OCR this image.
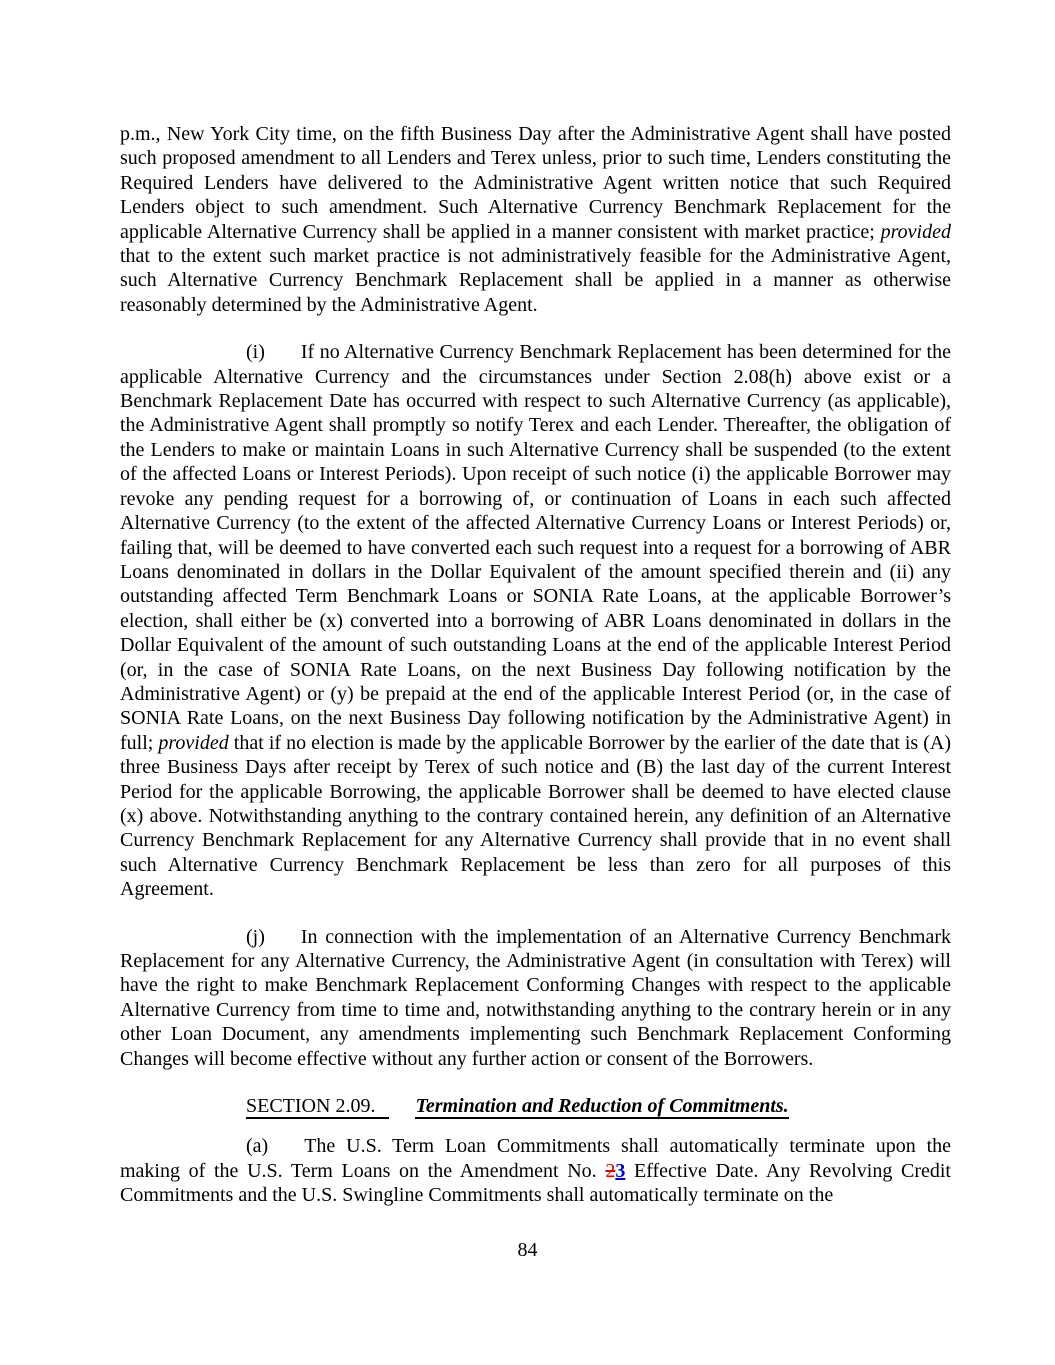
p.m., New York City time, on the fifth Business Day after the Administrative Agent shall have posted such proposed amendment to all Lenders and Terex unless, prior to such time, Lenders constituting the Required Lenders have delivered to the Administrative Agent written notice that such Required Lenders object to such amendment. Such Alternative Currency Benchmark Replacement for the applicable Alternative Currency shall be applied in a manner consistent with market practice; provided that to the extent such market practice is not administratively feasible for the Administrative Agent, such Alternative Currency Benchmark Replacement shall be applied in a manner as otherwise reasonably determined by the Administrative Agent.

(i) If no Alternative Currency Benchmark Replacement has been determined for the applicable Alternative Currency and the circumstances under Section 2.08(h) above exist or a Benchmark Replacement Date has occurred with respect to such Alternative Currency (as applicable), the Administrative Agent shall promptly so notify Terex and each Lender. Thereafter, the obligation of the Lenders to make or maintain Loans in such Alternative Currency shall be suspended (to the extent of the affected Loans or Interest Periods). Upon receipt of such notice (i) the applicable Borrower may revoke any pending request for a borrowing of, or continuation of Loans in each such affected Alternative Currency (to the extent of the affected Alternative Currency Loans or Interest Periods) or, failing that, will be deemed to have converted each such request into a request for a borrowing of ABR Loans denominated in dollars in the Dollar Equivalent of the amount specified therein and (ii) any outstanding affected Term Benchmark Loans or SONIA Rate Loans, at the applicable Borrower’s election, shall either be (x) converted into a borrowing of ABR Loans denominated in dollars in the Dollar Equivalent of the amount of such outstanding Loans at the end of the applicable Interest Period (or, in the case of SONIA Rate Loans, on the next Business Day following notification by the Administrative Agent) or (y) be prepaid at the end of the applicable Interest Period (or, in the case of SONIA Rate Loans, on the next Business Day following notification by the Administrative Agent) in full; provided that if no election is made by the applicable Borrower by the earlier of the date that is (A) three Business Days after receipt by Terex of such notice and (B) the last day of the current Interest Period for the applicable Borrowing, the applicable Borrower shall be deemed to have elected clause (x) above. Notwithstanding anything to the contrary contained herein, any definition of an Alternative Currency Benchmark Replacement for any Alternative Currency shall provide that in no event shall such Alternative Currency Benchmark Replacement be less than zero for all purposes of this Agreement.

(j) In connection with the implementation of an Alternative Currency Benchmark Replacement for any Alternative Currency, the Administrative Agent (in consultation with Terex) will have the right to make Benchmark Replacement Conforming Changes with respect to the applicable Alternative Currency from time to time and, notwithstanding anything to the contrary herein or in any other Loan Document, any amendments implementing such Benchmark Replacement Conforming Changes will become effective without any further action or consent of the Borrowers.

SECTION 2.09. Termination and Reduction of Commitments.

(a) The U.S. Term Loan Commitments shall automatically terminate upon the making of the U.S. Term Loans on the Amendment No. 23 Effective Date. Any Revolving Credit Commitments and the U.S. Swingline Commitments shall automatically terminate on the

84
